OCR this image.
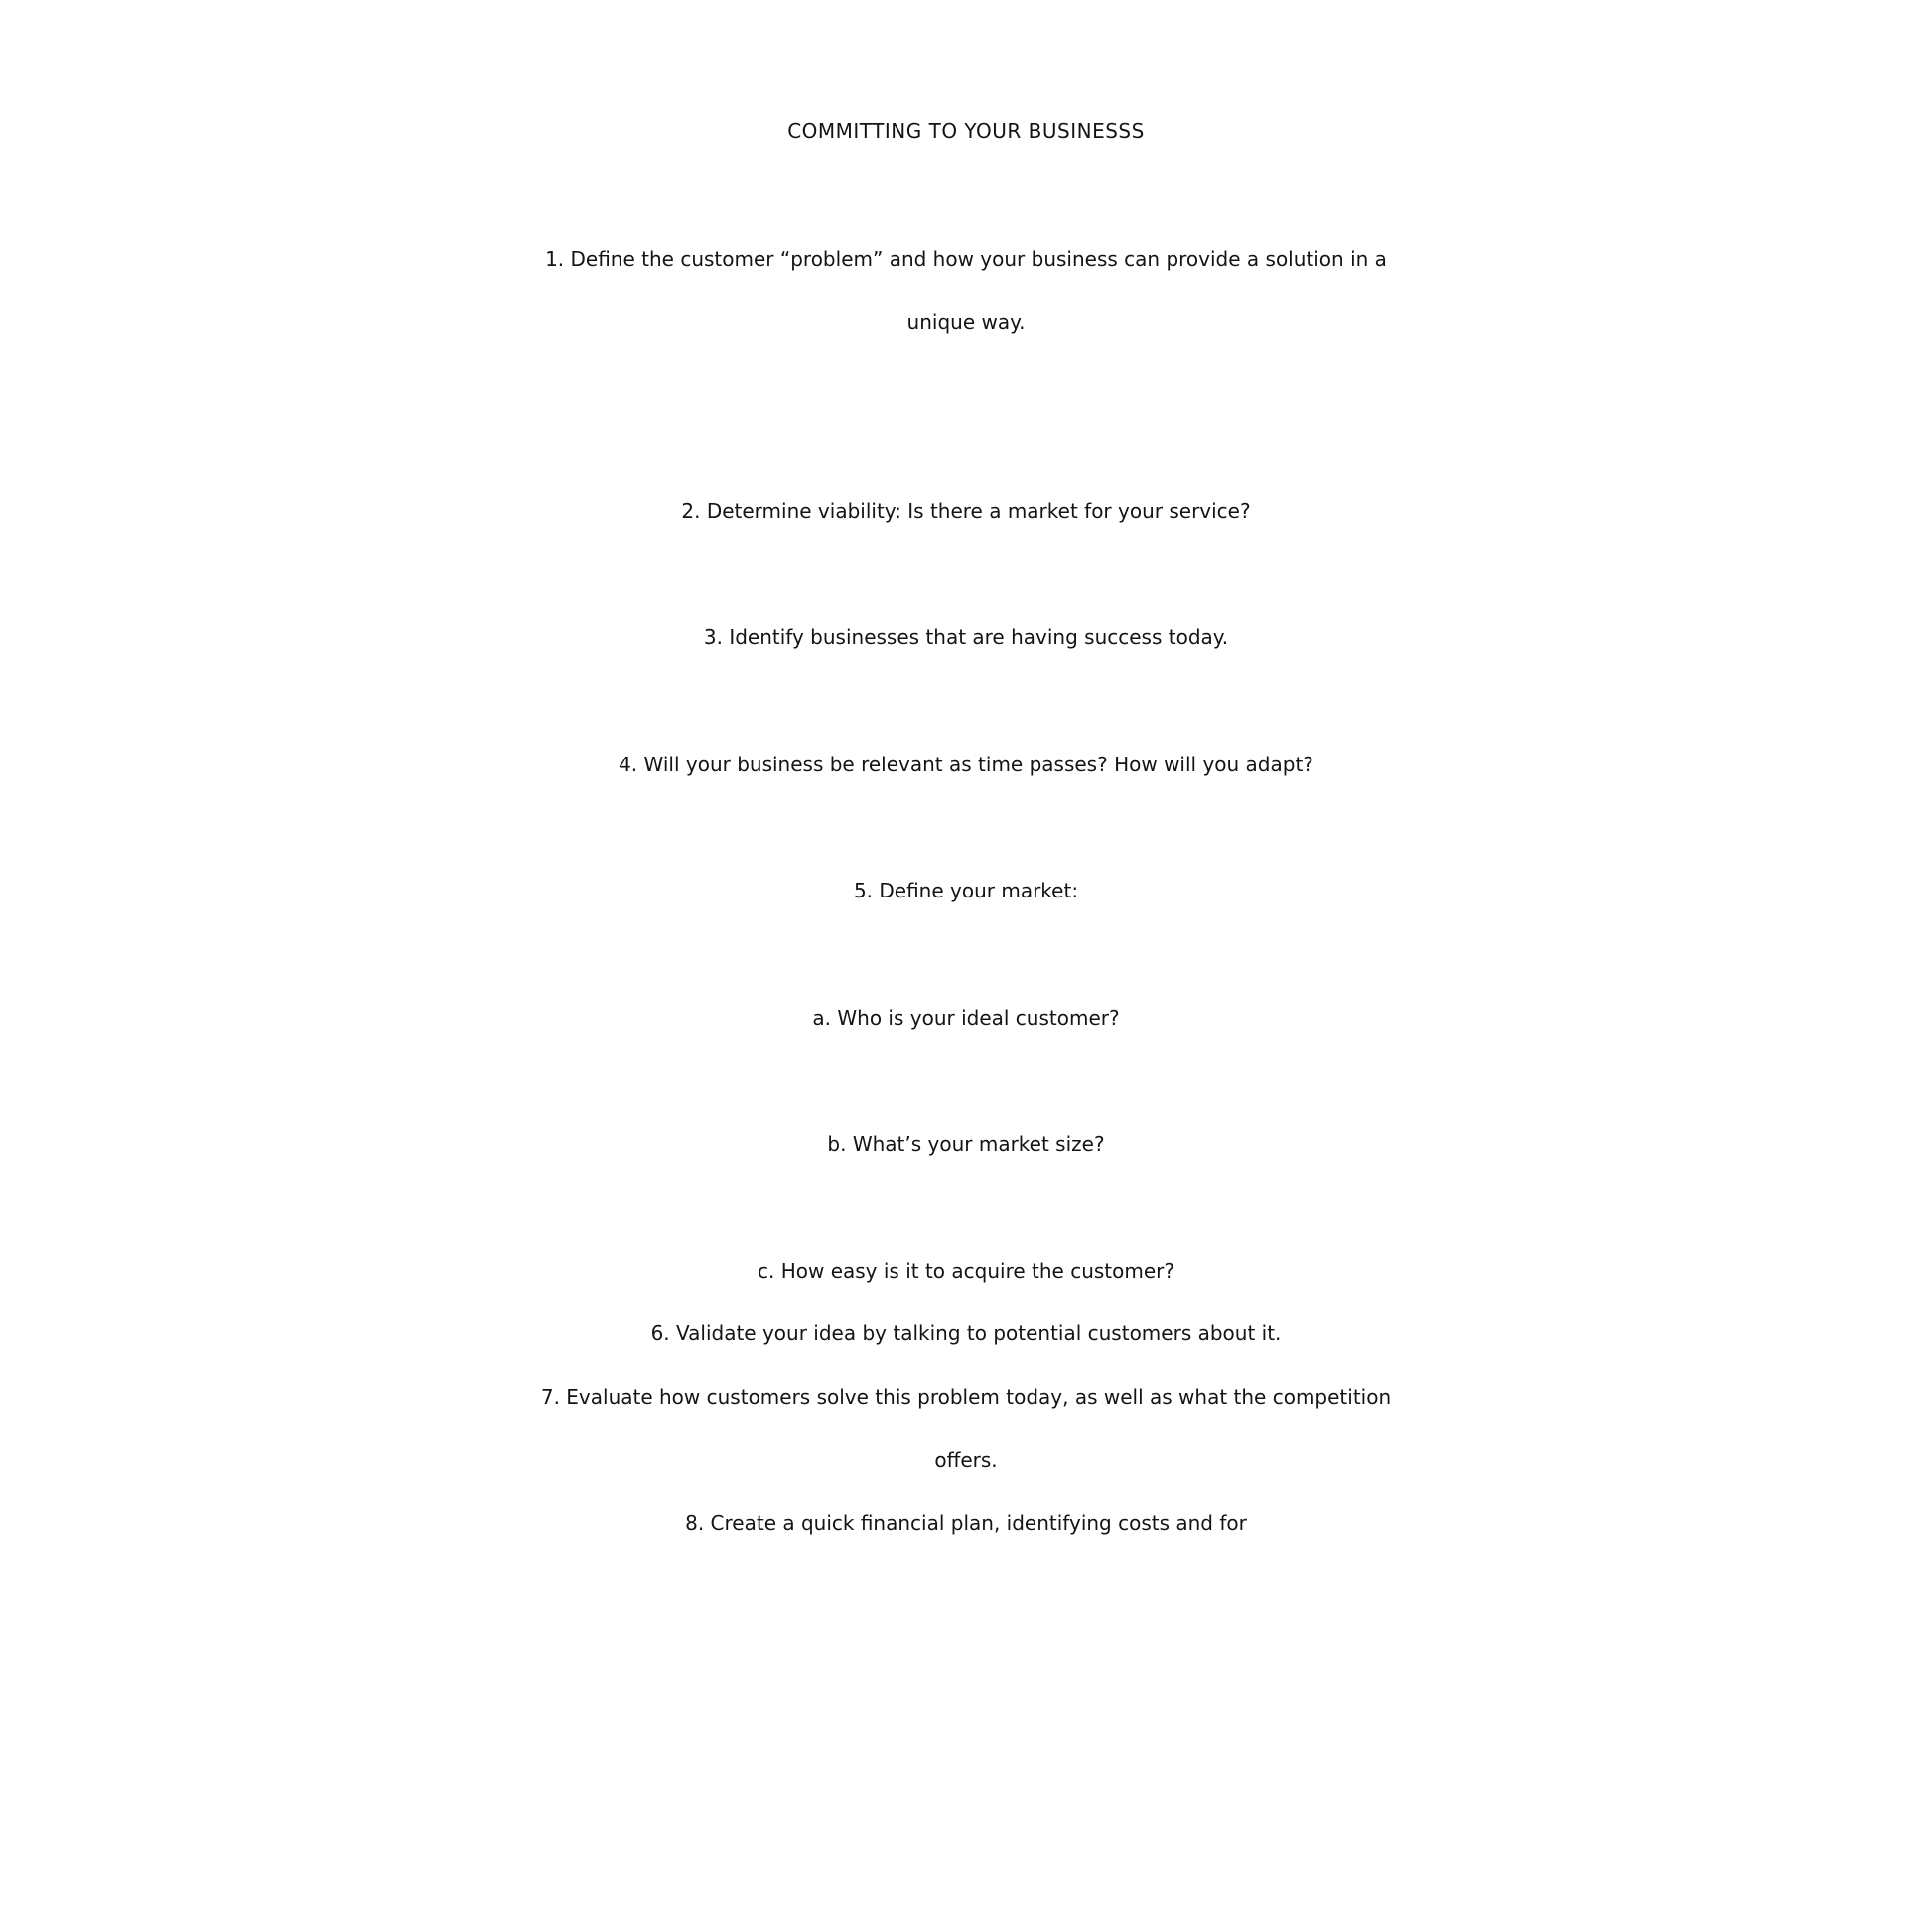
COMMITTING TO YOUR BUSINESSS
1. Define the customer “problem” and how your business can provide a solution in a
unique way.
2. Determine viability: Is there a market for your service?
3. Identify businesses that are having success today.
4. Will your business be relevant as time passes? How will you adapt?
5. Define your market:
a. Who is your ideal customer?
b. What’s your market size?
c. How easy is it to acquire the customer?
6. Validate your idea by talking to potential customers about it.
7. Evaluate how customers solve this problem today, as well as what the competition
offers.
8. Create a quick financial plan, identifying costs and for
